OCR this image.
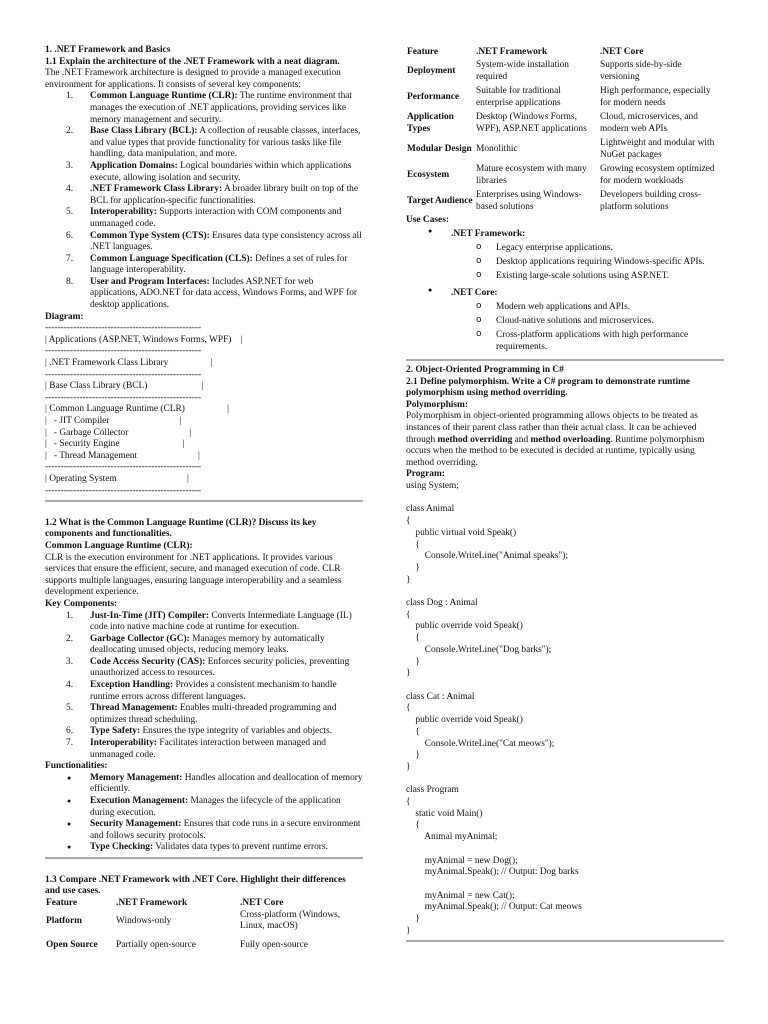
1. .NET Framework and Basics

1.1 Explain the architecture of the .NET Framework with a neat diagram.

The .NET Framework architecture is designed to provide a managed execution environment for applications. It consists of several key components:

1. Common Language Runtime (CLR): The runtime environment that manages the execution of .NET applications, providing services like memory management and security.
2. Base Class Library (BCL): A collection of reusable classes, interfaces, and value types that provide functionality for various tasks like file handling, data manipulation, and more.
3. Application Domains: Logical boundaries within which applications execute, allowing isolation and security.
4. .NET Framework Class Library: A broader library built on top of the BCL for application-specific functionalities.
5. Interoperability: Supports interaction with COM components and unmanaged code.
6. Common Type System (CTS): Ensures data type consistency across all .NET languages.
7. Common Language Specification (CLS): Defines a set of rules for language interoperability.
8. User and Program Interfaces: Includes ASP.NET for web applications, ADO.NET for data access, Windows Forms, and WPF for desktop applications.

Diagram:

--------------------------------------------------
| Applications (ASP.NET, Windows Forms, WPF)    |
--------------------------------------------------
| .NET Framework Class Library                  |
--------------------------------------------------
| Base Class Library (BCL)                       |
--------------------------------------------------
| Common Language Runtime (CLR)                  |
|   - JIT Compiler                              |
|   - Garbage Collector                          |
|   - Security Engine                           |
|   - Thread Management                          |
--------------------------------------------------
| Operating System                              |
--------------------------------------------------

1.2 What is the Common Language Runtime (CLR)? Discuss its key components and functionalities.

Common Language Runtime (CLR):

CLR is the execution environment for .NET applications. It provides various services that ensure the efficient, secure, and managed execution of code. CLR supports multiple languages, ensuring language interoperability and a seamless development experience.

Key Components:

1. Just-In-Time (JIT) Compiler: Converts Intermediate Language (IL) code into native machine code at runtime for execution.
2. Garbage Collector (GC): Manages memory by automatically deallocating unused objects, reducing memory leaks.
3. Code Access Security (CAS): Enforces security policies, preventing unauthorized access to resources.
4. Exception Handling: Provides a consistent mechanism to handle runtime errors across different languages.
5. Thread Management: Enables multi-threaded programming and optimizes thread scheduling.
6. Type Safety: Ensures the type integrity of variables and objects.
7. Interoperability: Facilitates interaction between managed and unmanaged code.

Functionalities:

● Memory Management: Handles allocation and deallocation of memory efficiently.
● Execution Management: Manages the lifecycle of the application during execution.
● Security Management: Ensures that code runs in a secure environment and follows security protocols.
● Type Checking: Validates data types to prevent runtime errors.

1.3 Compare .NET Framework with .NET Core. Highlight their differences and use cases.

Feature	.NET Framework	.NET Core
Platform	Windows-only	Cross-platform (Windows, Linux, macOS)
Open Source	Partially open-source	Fully open-source
Feature	.NET Framework	.NET Core
Deployment	System-wide installation required	Supports side-by-side versioning
Performance	Suitable for traditional enterprise applications	High performance, especially for modern needs
Application Types	Desktop (Windows Forms, WPF), ASP.NET applications	Cloud, microservices, and modern web APIs
Modular Design	Monolithic	Lightweight and modular with NuGet packages
Ecosystem	Mature ecosystem with many libraries	Growing ecosystem optimized for modern workloads
Target Audience	Enterprises using Windows-based solutions	Developers building cross-platform solutions

Use Cases:

● .NET Framework:
o Legacy enterprise applications.
o Desktop applications requiring Windows-specific APIs.
o Existing large-scale solutions using ASP.NET.
● .NET Core:
o Modern web applications and APIs.
o Cloud-native solutions and microservices.
o Cross-platform applications with high performance requirements.

2. Object-Oriented Programming in C#

2.1 Define polymorphism. Write a C# program to demonstrate runtime polymorphism using method overriding.

Polymorphism:

Polymorphism in object-oriented programming allows objects to be treated as instances of their parent class rather than their actual class. It can be achieved through method overriding and method overloading. Runtime polymorphism occurs when the method to be executed is decided at runtime, typically using method overriding.

Program:

using System;

class Animal
{
public virtual void Speak()
{
Console.WriteLine("Animal speaks");
}
}

class Dog : Animal
{
public override void Speak()
{
Console.WriteLine("Dog barks");
}
}

class Cat : Animal
{
public override void Speak()
{
Console.WriteLine("Cat meows");
}
}

class Program
{
static void Main()
{
Animal myAnimal;

myAnimal = new Dog();
myAnimal.Speak(); // Output: Dog barks

myAnimal = new Cat();
myAnimal.Speak(); // Output: Cat meows
}
}
